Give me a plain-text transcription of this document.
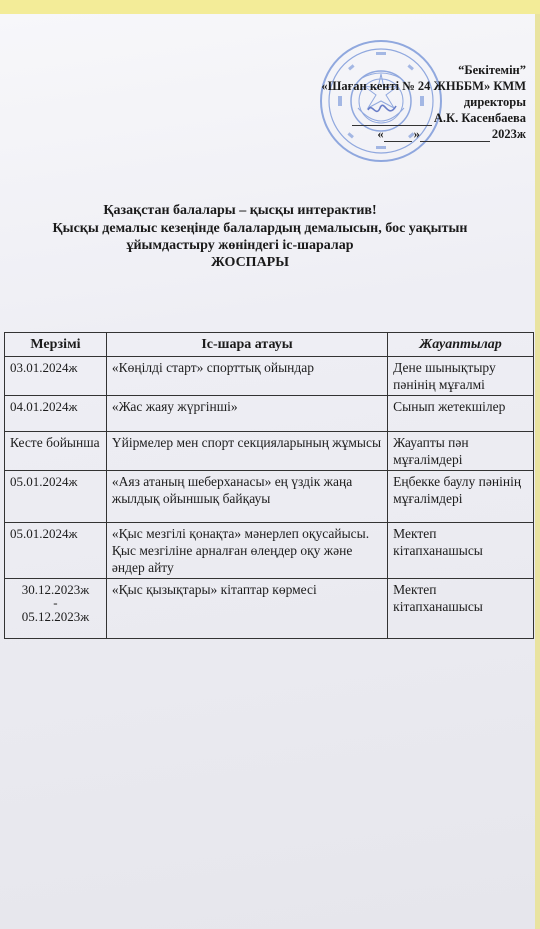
“Бекітемін”
«Шаған кенті № 24 ЖНББМ» КММ
директоры
А.К. Касенбаева
« »	2023ж
Қазақстан балалары – қысқы интерактив!
Қысқы демалыс кезеңінде балалардың демалысын, бос уақытын
ұйымдастыру жөніндегі іс-шаралар
ЖОСПАРЫ
Мерзімі	Іс-шара атауы	Жауаптылар
03.01.2024ж	«Көңілді старт» спорттық ойындар	Дене шынықтыру пәнінің мұғалмі
04.01.2024ж	«Жас жаяу жүргінші»	Сынып жетекшілер
Кесте бойынша	Үйірмелер мен спорт секцияларының жұмысы	Жауапты пән мұғалімдері
05.01.2024ж	«Аяз атаның шеберханасы» ең үздік жаңа жылдық ойыншық байқауы	Еңбекке баулу пәнінің мұғалімдері
05.01.2024ж	«Қыс мезгілі қонақта» мәнерлеп оқусайысы. Қыс мезгіліне арналған өлеңдер оқу және әндер айту	Мектеп кітапханашысы

30.12.2023ж
-
05.12.2023ж	«Қыс қызықтары» кітаптар көрмесі	Мектеп кітапханашысы
